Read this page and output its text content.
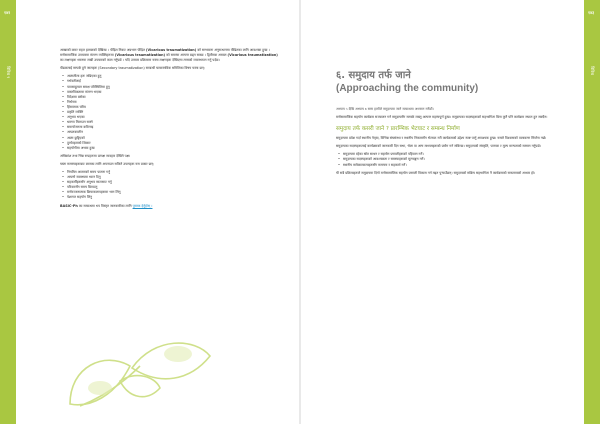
१४२	१४३
विविध ९	विविध

आखाको कमर राहत हलबरको देखिन्छ । पीड़ित निकट अग्रभाग पीड़ित (Vicarious traumatization) को सम्भावना अनुसन्धानमा पीडितका लागि आवश्यक हुन्छ । मनोसामाजिक उपचारमा संलग्न व्यक्तिहरूमा (Vicarious traumatization) को समस्या अत्यन्त बढ्न सक्छ । द्वितीयक आघात (Vicarious traumatization) का लक्षणहरू ध्यानमा राखी उपचारको काम गर्नुपर्छ । यदि उपचार प्रक्रियामा यस्ता लक्षणहरू देखिएमा त्यसको व्यवस्थापन गर्नु पर्दछ।

पीडकलाई सम्पर्क हुने जालहरू (Secondary traumatization) सम्बन्धी घरवास्तविक समितिका विषय यस्ता छन्:

• आत्मतीला हरू जडिएका हुनु
• गर्भवतीलाई
• पावसाहुताल समक्ष परिस्थितिमा हुनु
• वास्तविकतामा संलग्न भएका
• विदेशमा बसेका
• निर्धनता
• हिंसात्मक चरित्र
• प्रकृति व्यक्ति
• अनुभव भएका
• धारणा मिलाउन सक्ने
• समायोजनमा कठिनाइ
• आपतकालीन
• आत्म छुट्टिएको
• दुर्व्यवहारको शिकार
• सहयोगीमा अभाव हुन्छ

अधिकांश तथा भिन्न रूपहरूमा प्रत्यक्ष व्यवहार देखिने पक्ष।

यस्ता समस्याहरूबाट बच्नका लागि अपनाउन सकिने उपायहरू यस प्रकार छन्:

• नियमित आरामको समय पालना गर्नु
• आफ्नो स्वास्थ्यमा ध्यान दिनु
• सहकर्मीहरूसँग अनुभव साटासाट गर्नु
• परिवारसँग समय बिताउनु
• मनोरञ्जनात्मक क्रियाकलापहरूमा भाग लिनु
• पेशागत सहयोग लिनु

BASIC-Ph का सम्बन्धमा थप विस्तृत जानकारीका लागि पुस्तक हेर्नुहोस् ।

६. समुदाय तर्फ जाने
(Approaching the community)

अध्याय ५ देखि अध्याय ७ सम्म हामीले समुदायमा जाने सम्बन्धमा अध्ययन गर्नेछौं।

मनोसामाजिक सहयोग कार्यक्रम सञ्चालन गर्न समुदायसँग सम्पर्क राख्नु अत्यन्त महत्त्वपूर्ण हुन्छ। समुदायका सदस्यहरूको सहभागिता बिना कुनै पनि कार्यक्रम सफल हुन सक्दैन।

समुदाय तर्फ कसरी जाने ? प्रारम्भिक भेटघाट र सम्बन्ध निर्माण

समुदायमा प्रवेश गर्दा स्थानीय नेतृत्व, विभिन्न संघसंस्था र स्थानीय निकायसँग भेटघाट गरी कार्यक्रमको उद्देश्य स्पष्ट पार्नु आवश्यक हुन्छ। यसले विश्वासको वातावरण सिर्जना गर्छ।

समुदायका सदस्यहरूलाई कार्यक्रमको जानकारी दिन सभा, भेला वा अन्य माध्यमहरूको प्रयोग गर्न सकिन्छ। समुदायको संस्कृति, परम्परा र मूल्य मान्यताको सम्मान गर्नुपर्छ।

• समुदायमा रहेका स्रोत साधन र सहयोग प्रणालीहरूको पहिचान गर्ने।
• समुदायका सदस्यहरूको आवश्यकता र समस्याहरूको मूल्याङ्कन गर्ने।
• स्थानीय सरोकारवालाहरूसँग समन्वय र सहकार्य गर्ने।

यी सबै प्रक्रियाहरूले समुदायमा दिगो मनोसामाजिक सहयोग प्रणाली विकास गर्न मद्दत पुर्‍याउँछन्। समुदायको सक्रिय सहभागिता नै कार्यक्रमको सफलताको आधार हो।
